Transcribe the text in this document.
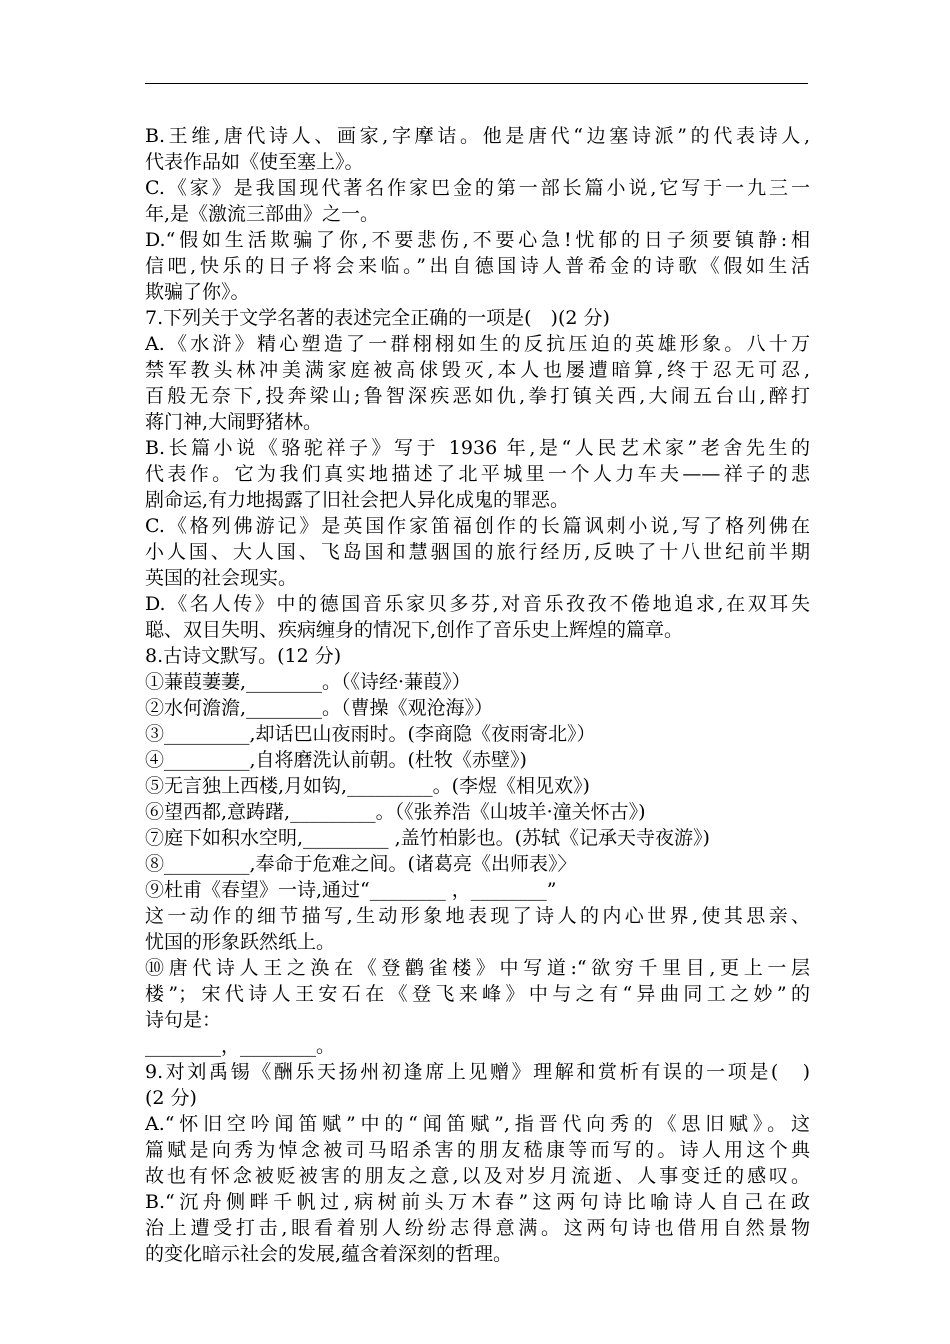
B.王维,唐代诗人、画家,字摩诘。他是唐代“边塞诗派”的代表诗人,
代表作品如《使至塞上》。
C.《家》是我国现代著名作家巴金的第一部长篇小说,它写于一九三一
年,是《激流三部曲》之一。
D.“假如生活欺骗了你,不要悲伤,不要心急!忧郁的日子须要镇静:相
信吧,快乐的日子将会来临。”出自德国诗人普希金的诗歌《假如生活
欺骗了你》。
7.下列关于文学名著的表述完全正确的一项是(　)(2 分)
A.《水浒》精心塑造了一群栩栩如生的反抗压迫的英雄形象。八十万
禁军教头林冲美满家庭被高俅毁灭,本人也屡遭暗算,终于忍无可忍,
百般无奈下,投奔梁山;鲁智深疾恶如仇,拳打镇关西,大闹五台山,醉打
蒋门神,大闹野猪林。
B.长篇小说《骆驼祥子》写于 1936 年,是“人民艺术家”老舍先生的
代表作。它为我们真实地描述了北平城里一个人力车夫——祥子的悲
剧命运,有力地揭露了旧社会把人异化成鬼的罪恶。
C.《格列佛游记》是英国作家笛福创作的长篇讽刺小说,写了格列佛在
小人国、大人国、飞岛国和慧骃国的旅行经历,反映了十八世纪前半期
英国的社会现实。
D.《名人传》中的德国音乐家贝多芬,对音乐孜孜不倦地追求,在双耳失
聪、双目失明、疾病缠身的情况下,创作了音乐史上辉煌的篇章。
8.古诗文默写。(12 分)
①蒹葭萋萋,________。（《诗经·蒹葭》）
②水何澹澹,________。（曹操《观沧海》）
③_________,却话巴山夜雨时。(李商隐《夜雨寄北》）
④_________,自将磨洗认前朝。(杜牧《赤壁》)
⑤无言独上西楼,月如钩,_________。(李煜《相见欢》)
⑥望西都,意踌躇,_________。（《张养浩《山坡羊·潼关怀古》)
⑦庭下如积水空明,_________ ,盖竹柏影也。(苏轼《记承天寺夜游》)
⑧_________,奉命于危难之间。(诸葛亮《出师表》〉
⑨杜甫《春望》一诗,通过“________ ，________”
这一动作的细节描写,生动形象地表现了诗人的内心世界,使其思亲、
忧国的形象跃然纸上。
⑩唐代诗人王之涣在《登鹳雀楼》中写道:“欲穷千里目,更上一层
楼”；宋代诗人王安石在《登飞来峰》中与之有“异曲同工之妙”的
诗句是：
________，________。
9.对刘禹锡《酬乐天扬州初逢席上见赠》理解和赏析有误的一项是(　)
(2 分)
A.“怀旧空吟闻笛赋”中的“闻笛赋”,指晋代向秀的《思旧赋》。这
篇赋是向秀为悼念被司马昭杀害的朋友嵇康等而写的。诗人用这个典
故也有怀念被贬被害的朋友之意,以及对岁月流逝、人事变迁的感叹。
B.“沉舟侧畔千帆过,病树前头万木春”这两句诗比喻诗人自己在政
治上遭受打击,眼看着别人纷纷志得意满。这两句诗也借用自然景物
的变化暗示社会的发展,蕴含着深刻的哲理。
